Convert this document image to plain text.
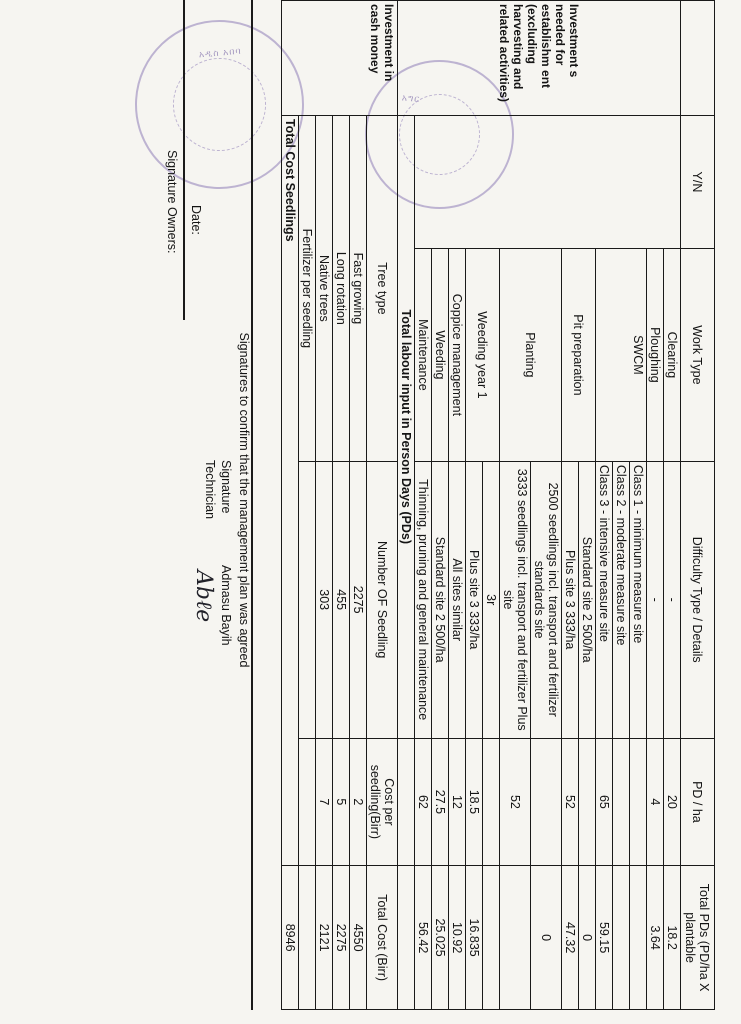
አዲስ አበባ
አግር
	Y/N	Work Type	Difficulty Type / Details	PD / ha	Total PDs (PD/ha X plantable
Investment s needed for establishm ent (excluding harvesting and related activities)		Clearing	-	20	18.2
		Ploughing	-	4	3.64
		SWCM	Class 1 - minimum measure site		
			Class 2 - moderate measure site		
			Class 3 - intensive measure site	65	59.15
		Pit preparation	Standard site 2 500/ha		0
			Plus site 3 333/ha	52	47.32
		Planting	2500 seedlings incl. transport and fertilizer standards site		0
			3333 seedlings incl. transport and fertilizer Plus site	52	
		Weeding year 1	3r		
			Plus site 3 333/ha	18.5	16.835
		Coppice management	All sites similar	12	10.92
		Weeding	Standard site 2 500/ha	27.5	25.025
		Maintenance	Thinning, pruning and general maintenance	62	56.42
	Total labour input in Person Days (PDs)				
Investment in cash money	Tree type		Number OF Seedling	Cost per seedling(Birr)	Total Cost (Birr)
	Fast growing		2275	2	4550
	Long rotation		455	5	2275
	Native trees		303	7	2121
	Fertilizer per seedling				
	Total Cost Seedlings				8946
Signatures to confirm that the management plan was agreed
Signature
Technician
Admasu Bayih
Abℓe
Date:
Signature Owners:
